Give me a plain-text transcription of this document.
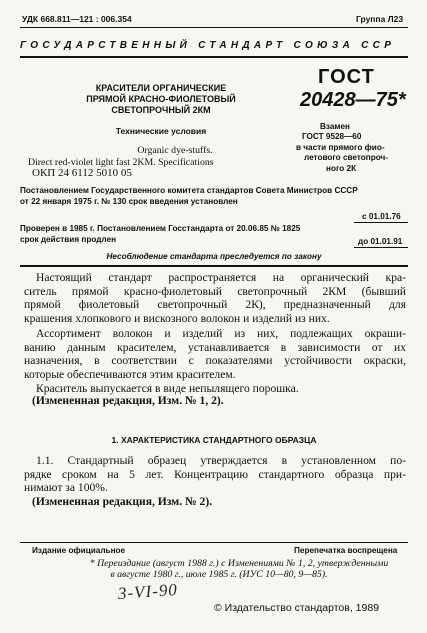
УДК 668.811—121 : 006.354	Группа Л23
ГОСУДАРСТВЕННЫЙ СТАНДАРТ СОЮЗА ССР
КРАСИТЕЛИ ОРГАНИЧЕСКИЕ
ПРЯМОЙ КРАСНО-ФИОЛЕТОВЫЙ
СВЕТОПРОЧНЫЙ 2КМ
Технические условия
Organic dye-stuffs.
Direct red-violet light fast 2KM. Specifications
ОКП 24 6112 5010 05
ГОСТ
20428—75*
Взамен
ГОСТ 9528—60
в части прямого фио-
летового светопроч-
ного 2К
Постановлением Государственного комитета стандартов Совета Министров СССР
от 22 января 1975 г. № 130 срок введения установлен
с 01.01.76
Проверен в 1985 г. Постановлением Госстандарта от 20.06.85 № 1825
срок действия продлен	до 01.01.91
Несоблюдение стандарта преследуется по закону
Настоящий стандарт распространяется на органический кра-
ситель прямой красно-фиолетовый светопрочный 2КМ (бывший
прямой фиолетовый светопрочный 2К), предназначенный для
крашения хлопкового и вискозного волокон и изделий из них.
Ассортимент волокон и изделий из них, подлежащих окраши-
ванию данным красителем, устанавливается в зависимости от их
назначения, в соответствии с показателями устойчивости окраски,
которые обеспечиваются этим красителем.
Краситель выпускается в виде непылящего порошка.
(Измененная редакция, Изм. № 1, 2).
1. ХАРАКТЕРИСТИКА СТАНДАРТНОГО ОБРАЗЦА
1.1. Стандартный образец утверждается в установленном по-
рядке сроком на 5 лет. Концентрацию стандартного образца при-
нимают за 100%.
(Измененная редакция, Изм. № 2).
Издание официальное	Перепечатка воспрещена
* Переиздание (август 1988 г.) с Изменениями № 1, 2, утвержденными
в августе 1980 г., июле 1985 г. (ИУС 10—80, 9—85).
3-VI-90
© Издательство стандартов, 1989
